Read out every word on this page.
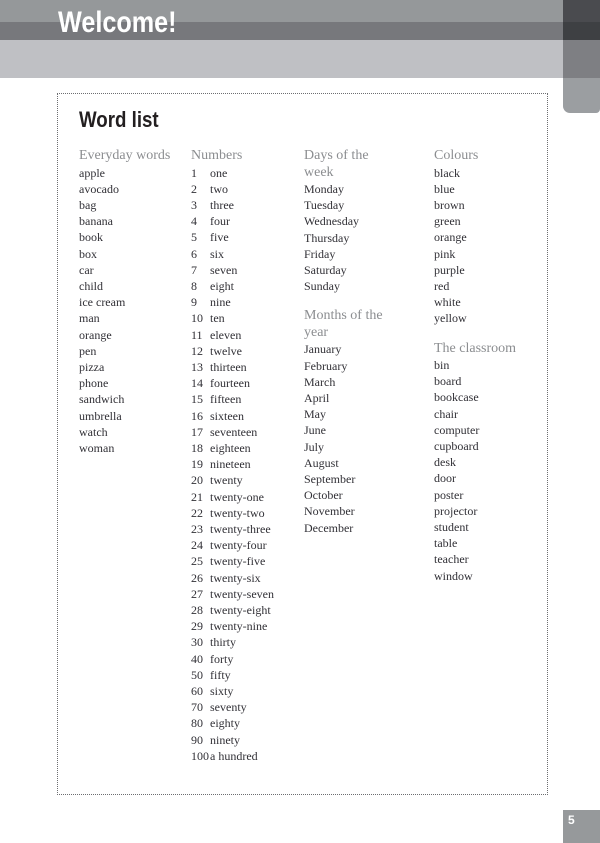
Welcome!
Word list
Everyday words
apple
avocado
bag
banana
book
box
car
child
ice cream
man
orange
pen
pizza
phone
sandwich
umbrella
watch
woman
Numbers
1 one
2 two
3 three
4 four
5 five
6 six
7 seven
8 eight
9 nine
10 ten
11 eleven
12 twelve
13 thirteen
14 fourteen
15 fifteen
16 sixteen
17 seventeen
18 eighteen
19 nineteen
20 twenty
21 twenty-one
22 twenty-two
23 twenty-three
24 twenty-four
25 twenty-five
26 twenty-six
27 twenty-seven
28 twenty-eight
29 twenty-nine
30 thirty
40 forty
50 fifty
60 sixty
70 seventy
80 eighty
90 ninety
100a hundred
Days of the week
Monday
Tuesday
Wednesday
Thursday
Friday
Saturday
Sunday
Months of the year
January
February
March
April
May
June
July
August
September
October
November
December
Colours
black
blue
brown
green
orange
pink
purple
red
white
yellow
The classroom
bin
board
bookcase
chair
computer
cupboard
desk
door
poster
projector
student
table
teacher
window
5
